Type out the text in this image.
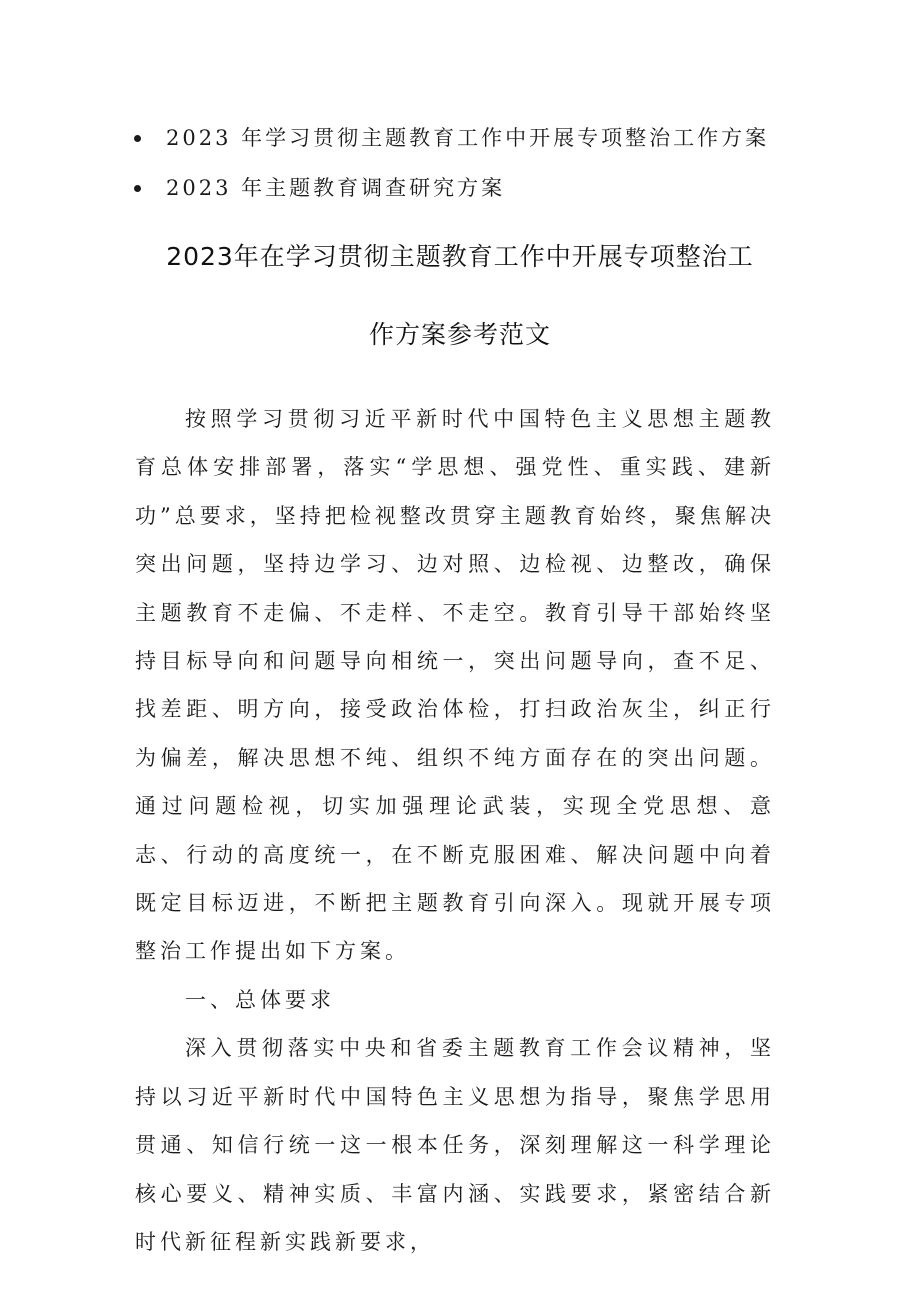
2023 年学习贯彻主题教育工作中开展专项整治工作方案
2023 年主题教育调查研究方案
2023年在学习贯彻主题教育工作中开展专项整治工
作方案参考范文

按照学习贯彻习近平新时代中国特色主义思想主题教育总体安排部署，落实“学思想、强党性、重实践、建新功”总要求，坚持把检视整改贯穿主题教育始终，聚焦解决突出问题，坚持边学习、边对照、边检视、边整改，确保主题教育不走偏、不走样、不走空。教育引导干部始终坚持目标导向和问题导向相统一，突出问题导向，查不足、找差距、明方向，接受政治体检，打扫政治灰尘，纠正行为偏差，解决思想不纯、组织不纯方面存在的突出问题。通过问题检视，切实加强理论武装，实现全党思想、意志、行动的高度统一，在不断克服困难、解决问题中向着既定目标迈进，不断把主题教育引向深入。现就开展专项整治工作提出如下方案。

一、总体要求

深入贯彻落实中央和省委主题教育工作会议精神，坚持以习近平新时代中国特色主义思想为指导，聚焦学思用贯通、知信行统一这一根本任务，深刻理解这一科学理论核心要义、精神实质、丰富内涵、实践要求，紧密结合新时代新征程新实践新要求，
